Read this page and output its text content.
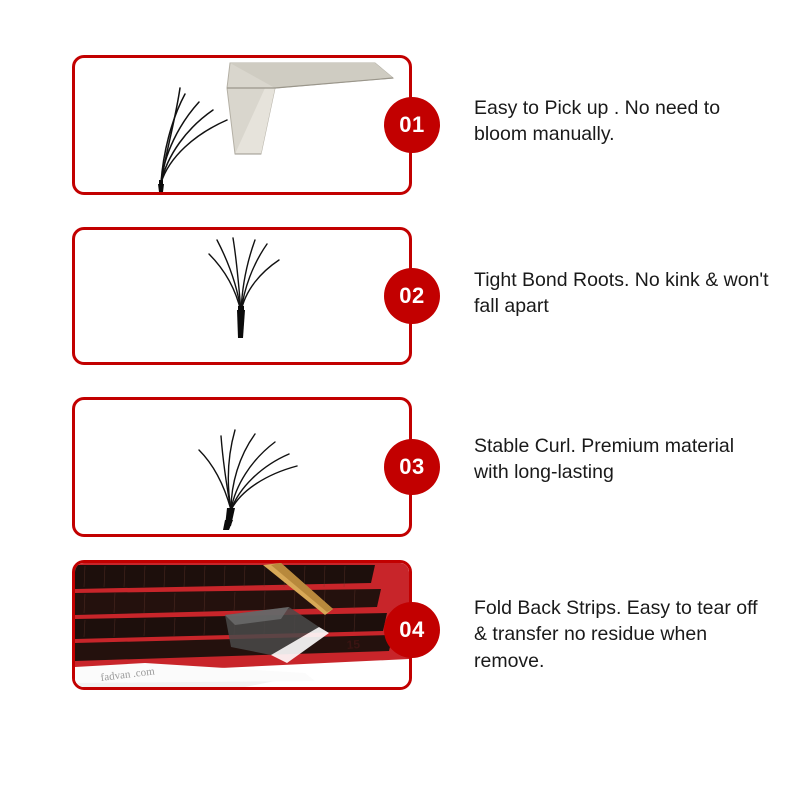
01
Easy to Pick up . No need to bloom manually.
02
Tight Bond Roots. No kink & won't fall apart
03
Stable Curl. Premium material with long-lasting
fadvan .com
15
04
Fold Back Strips. Easy to tear off & transfer no residue when remove.
